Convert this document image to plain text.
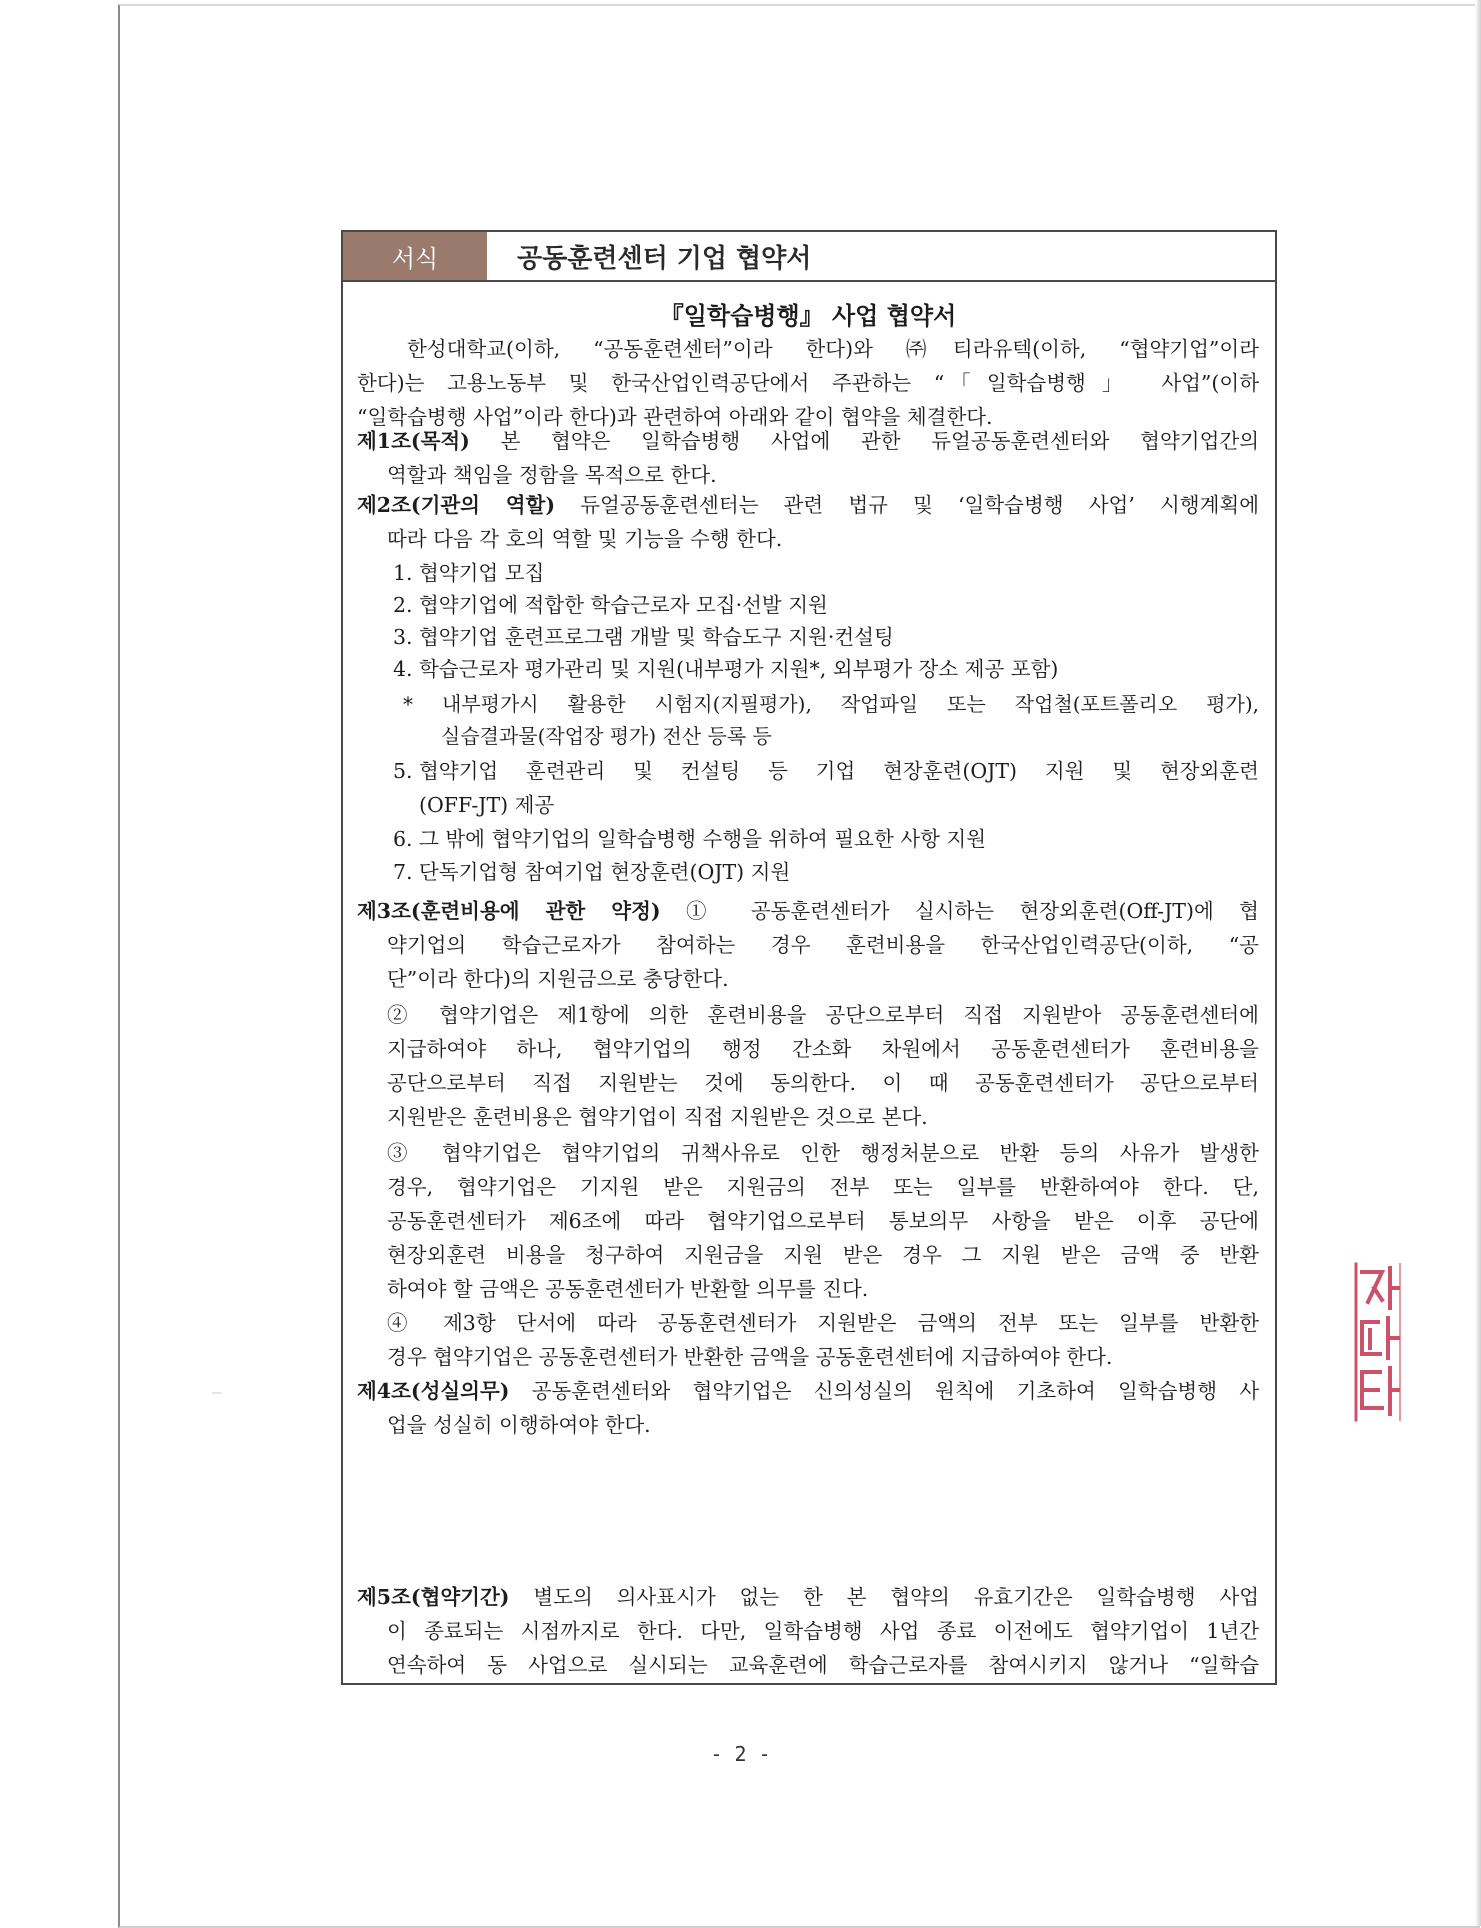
서식	공동훈련센터 기업 협약서
『일학습병행』 사업 협약서
한성대학교(이하, “공동훈련센터”이라 한다)와 ㈜티라유텍(이하, “협약기업”이라
한다)는 고용노동부 및 한국산업인력공단에서 주관하는 “「일학습병행」 사업”(이하
“일학습병행 사업”이라 한다)과 관련하여 아래와 같이 협약을 체결한다.
제1조(목적) 본 협약은 일학습병행 사업에 관한 듀얼공동훈련센터와 협약기업간의
역할과 책임을 정함을 목적으로 한다.
제2조(기관의 역할) 듀얼공동훈련센터는 관련 법규 및 ‘일학습병행 사업’ 시행계획에
따라 다음 각 호의 역할 및 기능을 수행 한다.
1. 협약기업 모집
2. 협약기업에 적합한 학습근로자 모집·선발 지원
3. 협약기업 훈련프로그램 개발 및 학습도구 지원·컨설팅
4. 학습근로자 평가관리 및 지원(내부평가 지원*, 외부평가 장소 제공 포함)
* 내부평가시 활용한 시험지(지필평가), 작업파일 또는 작업철(포트폴리오 평가),
실습결과물(작업장 평가) 전산 등록 등
5. 협약기업 훈련관리 및 컨설팅 등 기업 현장훈련(OJT) 지원 및 현장외훈련
(OFF-JT) 제공
6. 그 밖에 협약기업의 일학습병행 수행을 위하여 필요한 사항 지원
7. 단독기업형 참여기업 현장훈련(OJT) 지원
제3조(훈련비용에 관한 약정) ① 공동훈련센터가 실시하는 현장외훈련(Off-JT)에 협
약기업의 학습근로자가 참여하는 경우 훈련비용을 한국산업인력공단(이하, “공
단”이라 한다)의 지원금으로 충당한다.
② 협약기업은 제1항에 의한 훈련비용을 공단으로부터 직접 지원받아 공동훈련센터에
지급하여야 하나, 협약기업의 행정 간소화 차원에서 공동훈련센터가 훈련비용을
공단으로부터 직접 지원받는 것에 동의한다. 이 때 공동훈련센터가 공단으로부터
지원받은 훈련비용은 협약기업이 직접 지원받은 것으로 본다.
③ 협약기업은 협약기업의 귀책사유로 인한 행정처분으로 반환 등의 사유가 발생한
경우, 협약기업은 기지원 받은 지원금의 전부 또는 일부를 반환하여야 한다. 단,
공동훈련센터가 제6조에 따라 협약기업으로부터 통보의무 사항을 받은 이후 공단에
현장외훈련 비용을 청구하여 지원금을 지원 받은 경우 그 지원 받은 금액 중 반환
하여야 할 금액은 공동훈련센터가 반환할 의무를 진다.
④ 제3항 단서에 따라 공동훈련센터가 지원받은 금액의 전부 또는 일부를 반환한
경우 협약기업은 공동훈련센터가 반환한 금액을 공동훈련센터에 지급하여야 한다.
제4조(성실의무) 공동훈련센터와 협약기업은 신의성실의 원칙에 기초하여 일학습병행 사
업을 성실히 이행하여야 한다.
제5조(협약기간) 별도의 의사표시가 없는 한 본 협약의 유효기간은 일학습병행 사업
이 종료되는 시점까지로 한다. 다만, 일학습병행 사업 종료 이전에도 협약기업이 1년간
연속하여 동 사업으로 실시되는 교육훈련에 학습근로자를 참여시키지 않거나 “일학습
- 2 -
